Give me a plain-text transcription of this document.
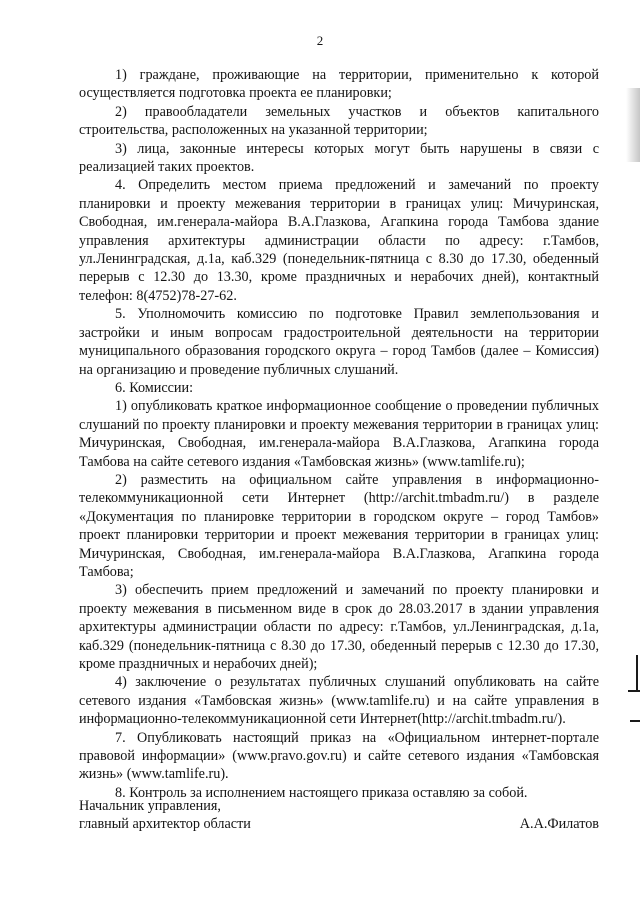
2

1) граждане, проживающие на территории, применительно к которой осуществляется подготовка проекта ее планировки;

2) правообладатели земельных участков и объектов капитального строительства, расположенных на указанной территории;

3) лица, законные интересы которых могут быть нарушены в связи с реализацией таких проектов.

4. Определить местом приема предложений и замечаний по проекту планировки и проекту межевания территории в границах улиц: Мичуринская, Свободная, им.генерала-майора В.А.Глазкова, Агапкина города Тамбова здание управления архитектуры администрации области по адресу: г.Тамбов, ул.Ленинградская, д.1а, каб.329 (понедельник-пятница с 8.30 до 17.30, обеденный перерыв с 12.30 до 13.30, кроме праздничных и нерабочих дней), контактный телефон: 8(4752)78-27-62.

5. Уполномочить комиссию по подготовке Правил землепользования и застройки и иным вопросам градостроительной деятельности на территории муниципального образования городского округа – город Тамбов (далее – Комиссия) на организацию и проведение публичных слушаний.

6. Комиссии:

1) опубликовать краткое информационное сообщение о проведении публичных слушаний по проекту планировки и проекту межевания территории в границах улиц: Мичуринская, Свободная, им.генерала-майора В.А.Глазкова, Агапкина города Тамбова на сайте сетевого издания «Тамбовская жизнь» (www.tamlife.ru);

2) разместить на официальном сайте управления в информационно-телекоммуникационной сети Интернет (http://archit.tmbadm.ru/) в разделе «Документация по планировке территории в городском округе – город Тамбов» проект планировки территории и проект межевания территории в границах улиц: Мичуринская, Свободная, им.генерала-майора В.А.Глазкова, Агапкина города Тамбова;

3) обеспечить прием предложений и замечаний по проекту планировки и проекту межевания в письменном виде в срок до 28.03.2017 в здании управления архитектуры администрации области по адресу: г.Тамбов, ул.Ленинградская, д.1а, каб.329 (понедельник-пятница с 8.30 до 17.30, обеденный перерыв с 12.30 до 17.30, кроме праздничных и нерабочих дней);

4) заключение о результатах публичных слушаний опубликовать на сайте сетевого издания «Тамбовская жизнь» (www.tamlife.ru) и на сайте управления в информационно-телекоммуникационной сети Интернет(http://archit.tmbadm.ru/).

7. Опубликовать настоящий приказ на «Официальном интернет-портале правовой информации» (www.pravo.gov.ru) и сайте сетевого издания «Тамбовская жизнь» (www.tamlife.ru).

8. Контроль за исполнением настоящего приказа оставляю за собой.

Начальник управления,

главный архитектор области	А.А.Филатов
